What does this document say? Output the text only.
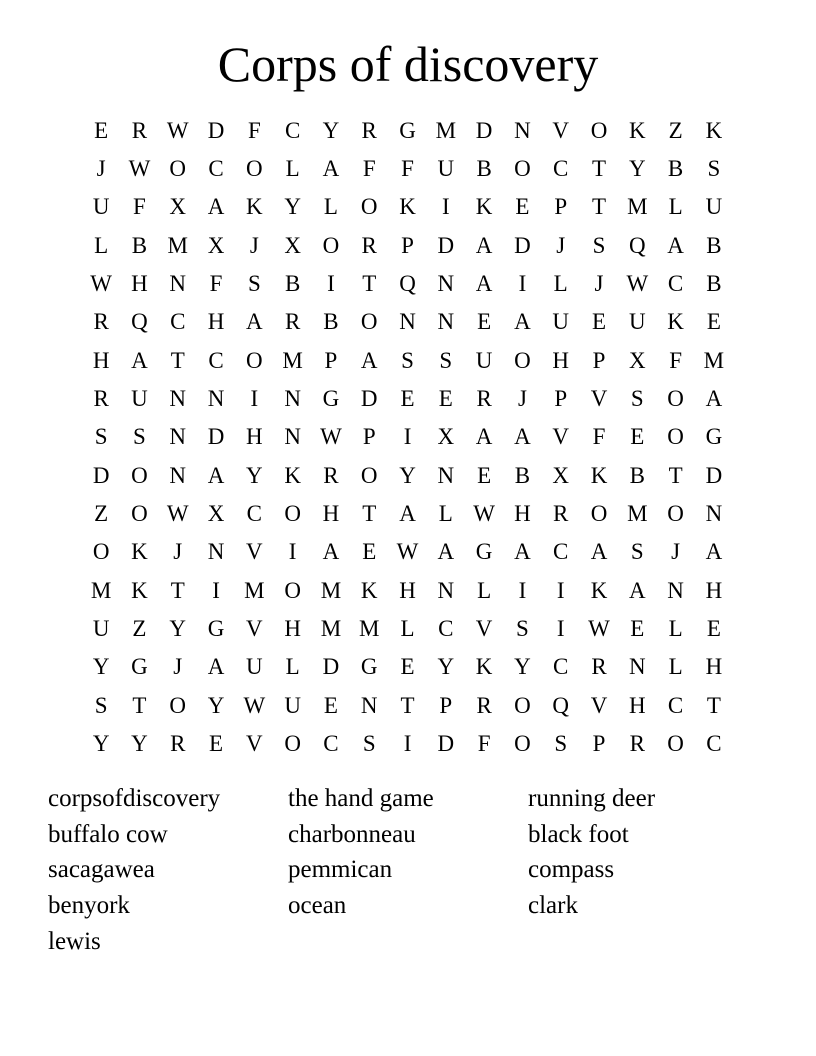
Corps of discovery
E	R W D	F	C Y R G M D N V O K Z K
J W O C O L A	F	F	U B O C	T Y B	S
U	F	X A K Y L O K	I	K E	P	T M L U
L	B M X	J	X O R	P	D A D	J	S	Q A B
W H N	F	S	B	I	T Q N A	I	L	J W C B
R Q C H A R B O N N E A U E U K E
H A T	C O M P	A	S	S	U O H	P	X	F M
R U N N	I	N G D E	E	R	J	P	V	S	O A
S	S	N D H N W P	I	X A A V	F	E O G
D O N A Y K R O Y N E	B X K B	T D
Z O W X C O H T A L W H R O M O N
O K	J	N V	I	A E W A G A C A	S	J	A
M K T	I	M O M K H N L	I	I	K A N H
U Z Y G V H M M L	C V	S	I	W E	L	E
Y G	J	A U L D G E Y K Y C R N L H
S	T O Y W U E N T	P	R O Q V H C	T
Y Y R	E V O C	S	I	D	F	O	S	P	R O C
corpsofdiscovery	the hand game	running deer
buffalo cow	charbonneau	black foot
sacagawea	pemmican	compass
benyork	ocean	clark
lewis
